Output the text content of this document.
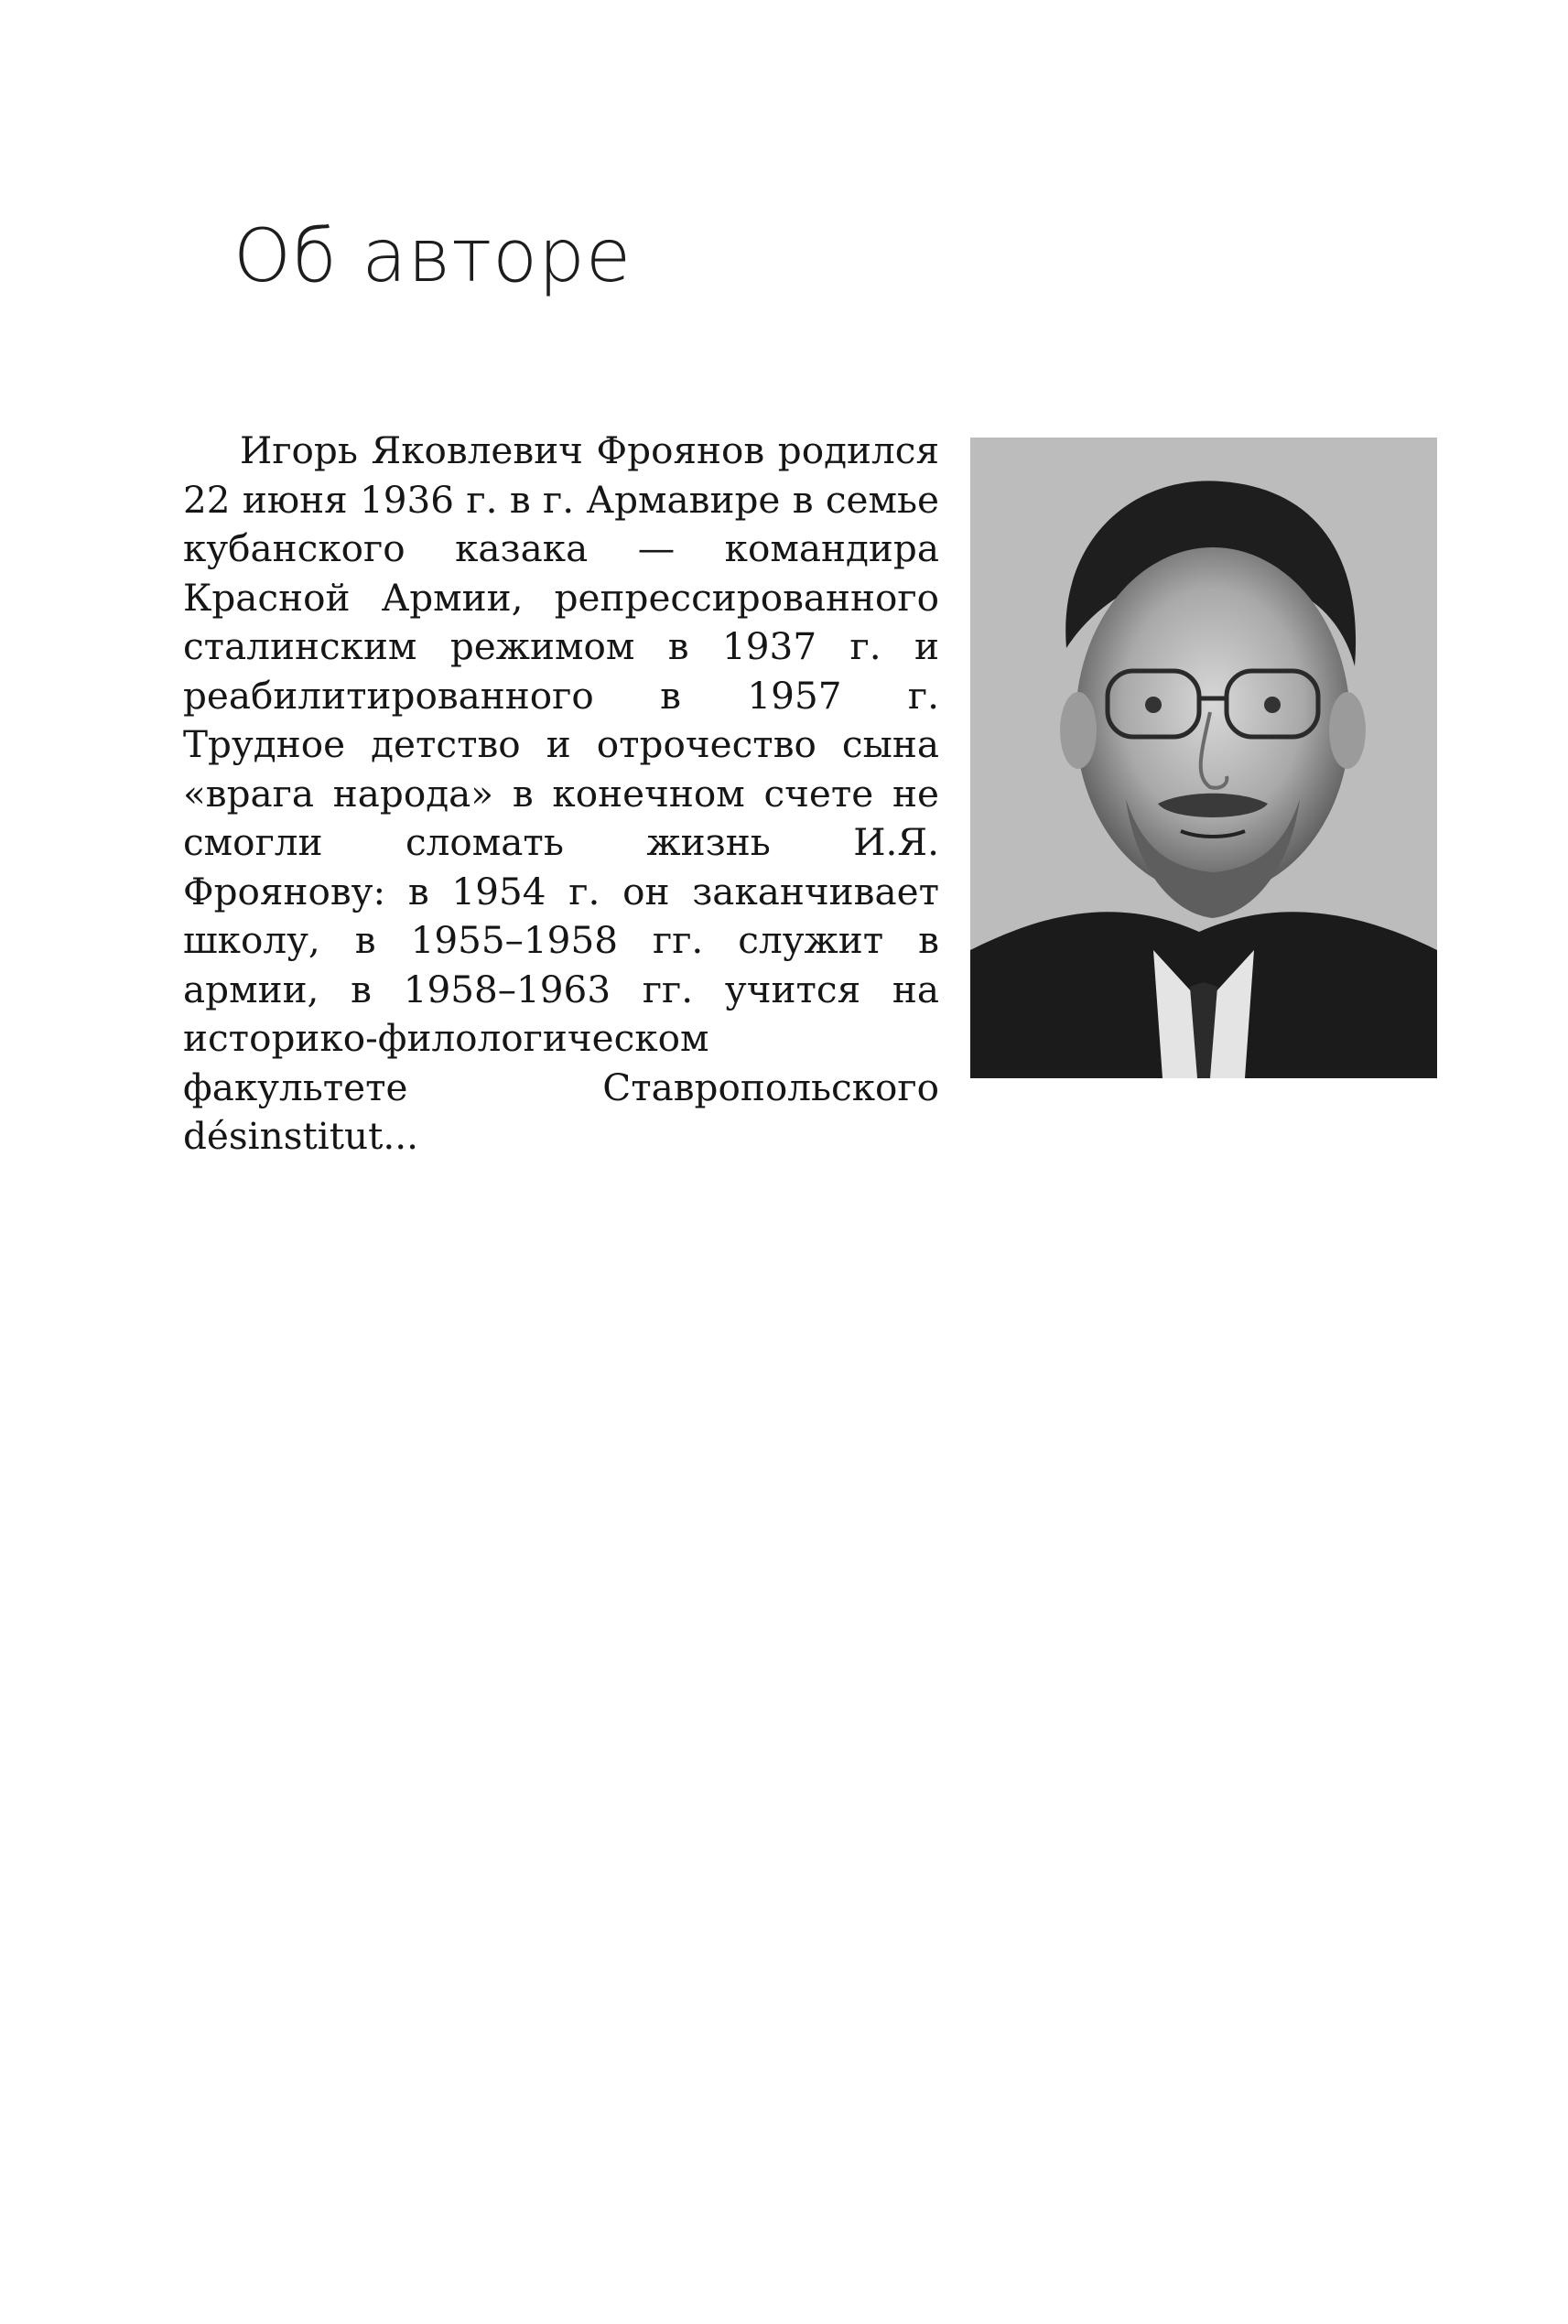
Об авторе

Игорь Яковлевич Фроянов родился 22 июня 1936 г. в г. Армавире в семье кубанского казака — командира Красной Армии, репрессированного сталинским режимом в 1937 г. и реабилитированного в 1957 г. Трудное детство и отрочество сына «врага народа» в конечном счете не смогли сломать жизнь И.Я. Фроянову: в 1954 г. он заканчивает школу, в 1955–1958 гг. служит в армии, в 1958–1963 гг. учится на историко-филологическом факультете Ставропольского désinstitut...
